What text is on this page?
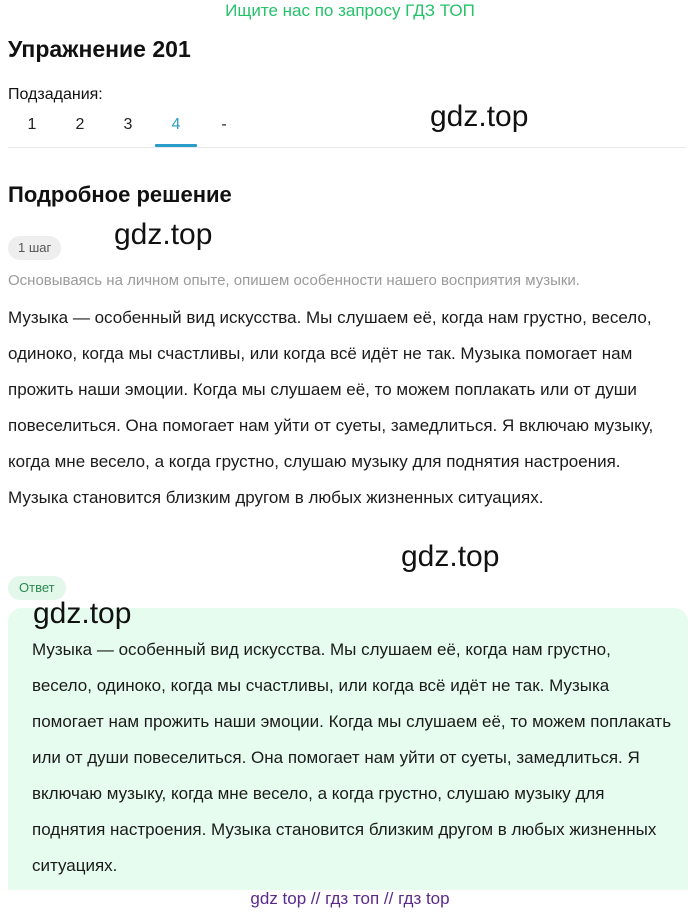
Ищите нас по запросу ГДЗ ТОП
Упражнение 201
Подзадания:
1	2	3	4	-
Подробное решение
1 шаг

Основываясь на личном опыте, опишем особенности нашего восприятия музыки.

Музыка — особенный вид искусства. Мы слушаем её, когда нам грустно, весело, одиноко, когда мы счастливы, или когда всё идёт не так. Музыка помогает нам прожить наши эмоции. Когда мы слушаем её, то можем поплакать или от души повеселиться. Она помогает нам уйти от суеты, замедлиться. Я включаю музыку, когда мне весело, а когда грустно, слушаю музыку для поднятия настроения. Музыка становится близким другом в любых жизненных ситуациях.

Ответ

Музыка — особенный вид искусства. Мы слушаем её, когда нам грустно, весело, одиноко, когда мы счастливы, или когда всё идёт не так. Музыка помогает нам прожить наши эмоции. Когда мы слушаем её, то можем поплакать или от души повеселиться. Она помогает нам уйти от суеты, замедлиться. Я включаю музыку, когда мне весело, а когда грустно, слушаю музыку для поднятия настроения. Музыка становится близким другом в любых жизненных ситуациях.

gdz.top
gdz.top
gdz.top
gdz.top
gdz top // гдз топ // гдз top
